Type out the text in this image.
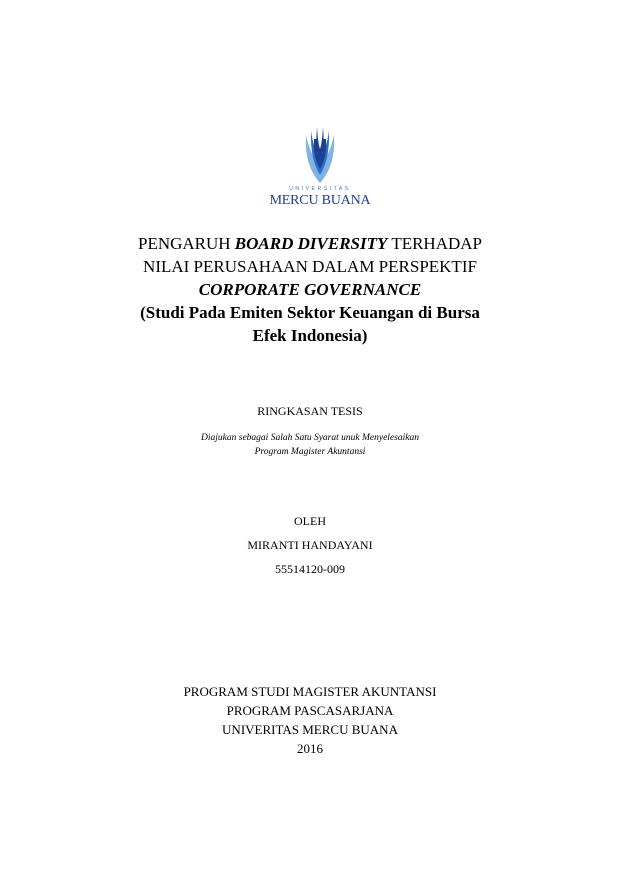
UNIVERSITAS
MERCU BUANA
PENGARUH BOARD DIVERSITY TERHADAP
NILAI PERUSAHAAN DALAM PERSPEKTIF
CORPORATE GOVERNANCE
(Studi Pada Emiten Sektor Keuangan di Bursa
Efek Indonesia)
RINGKASAN TESIS
Diajukan sebagai Salah Satu Syarat unuk Menyelesaikan
Program Magister Akuntansi
OLEH
MIRANTI HANDAYANI
55514120-009
PROGRAM STUDI MAGISTER AKUNTANSI
PROGRAM PASCASARJANA
UNIVERITAS MERCU BUANA
2016
